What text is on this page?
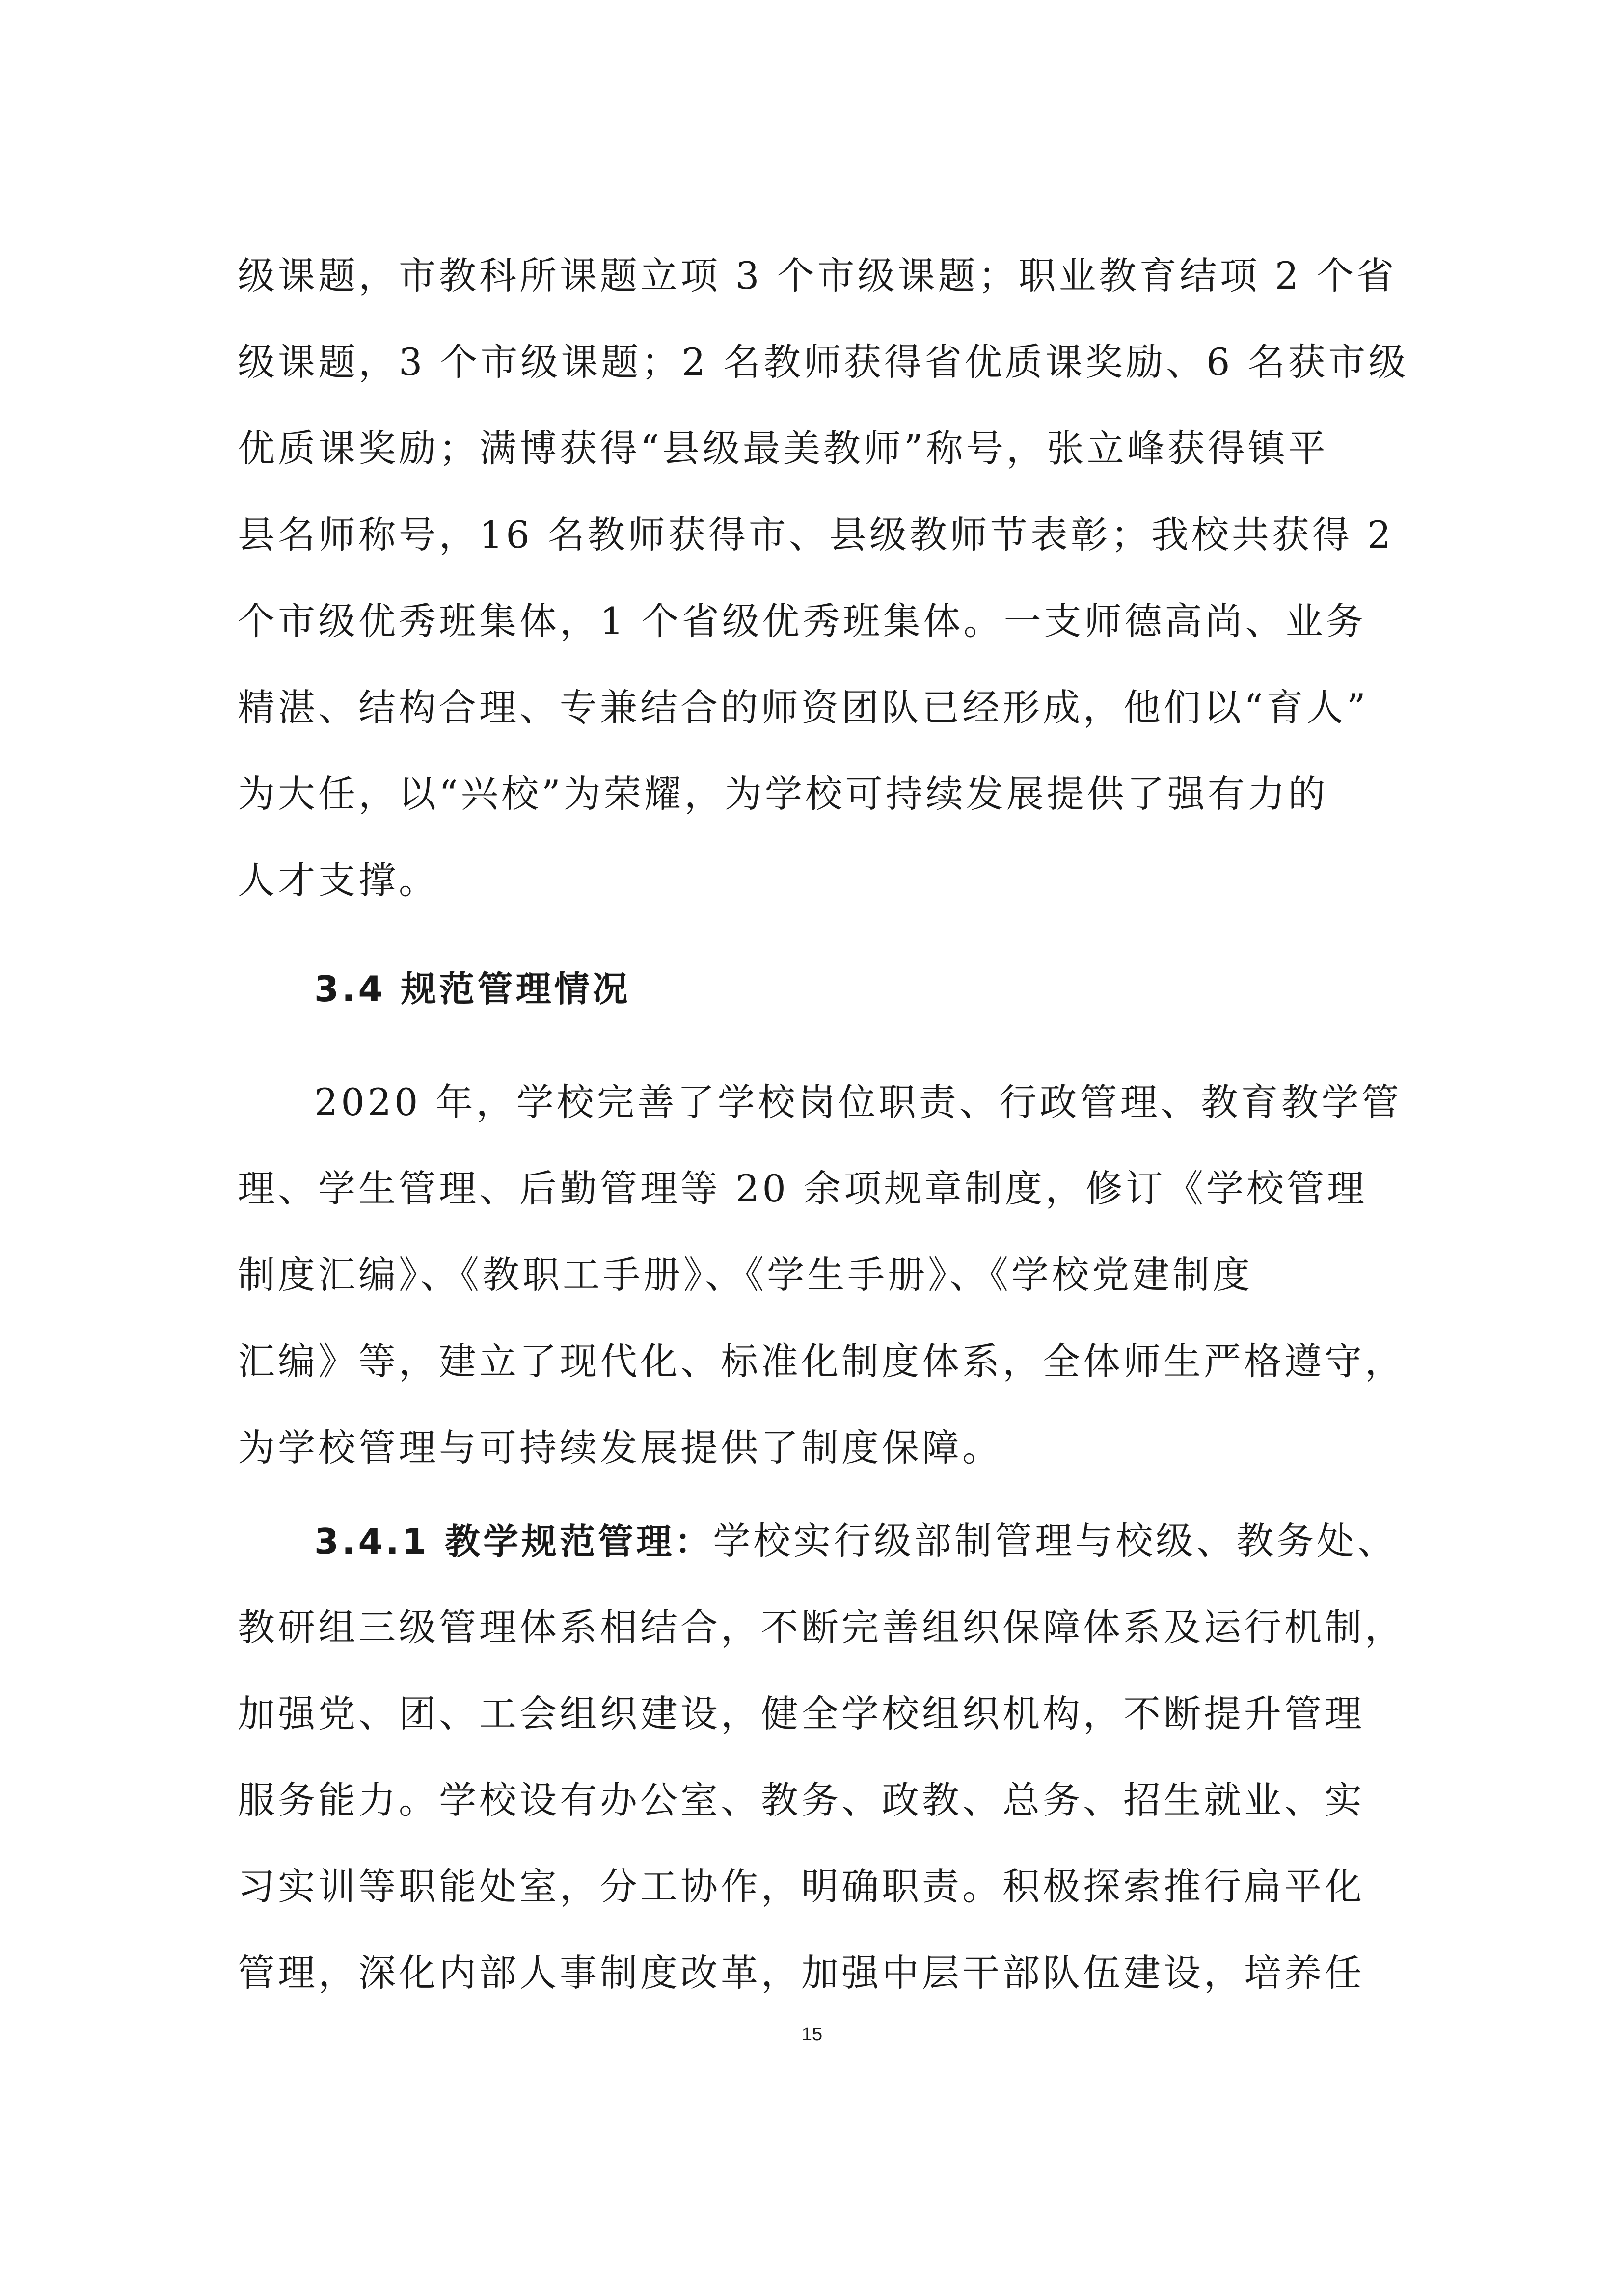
级课题，市教科所课题立项 3 个市级课题；职业教育结项 2 个省
级课题，3 个市级课题；2 名教师获得省优质课奖励、6 名获市级
优质课奖励；满博获得“县级最美教师”称号，张立峰获得镇平
县名师称号，16 名教师获得市、县级教师节表彰；我校共获得 2
个市级优秀班集体，1 个省级优秀班集体。一支师德高尚、业务
精湛、结构合理、专兼结合的师资团队已经形成，他们以“育人”
为大任，以“兴校”为荣耀，为学校可持续发展提供了强有力的
人才支撑。
3.4 规范管理情况
2020 年，学校完善了学校岗位职责、行政管理、教育教学管
理、学生管理、后勤管理等 20 余项规章制度，修订《学校管理
制度汇编》、《教职工手册》、《学生手册》、《学校党建制度
汇编》等，建立了现代化、标准化制度体系，全体师生严格遵守，
为学校管理与可持续发展提供了制度保障。
3.4.1 教学规范管理：学校实行级部制管理与校级、教务处、
教研组三级管理体系相结合，不断完善组织保障体系及运行机制，
加强党、团、工会组织建设，健全学校组织机构，不断提升管理
服务能力。学校设有办公室、教务、政教、总务、招生就业、实
习实训等职能处室，分工协作，明确职责。积极探索推行扁平化
管理，深化内部人事制度改革，加强中层干部队伍建设，培养任
15
